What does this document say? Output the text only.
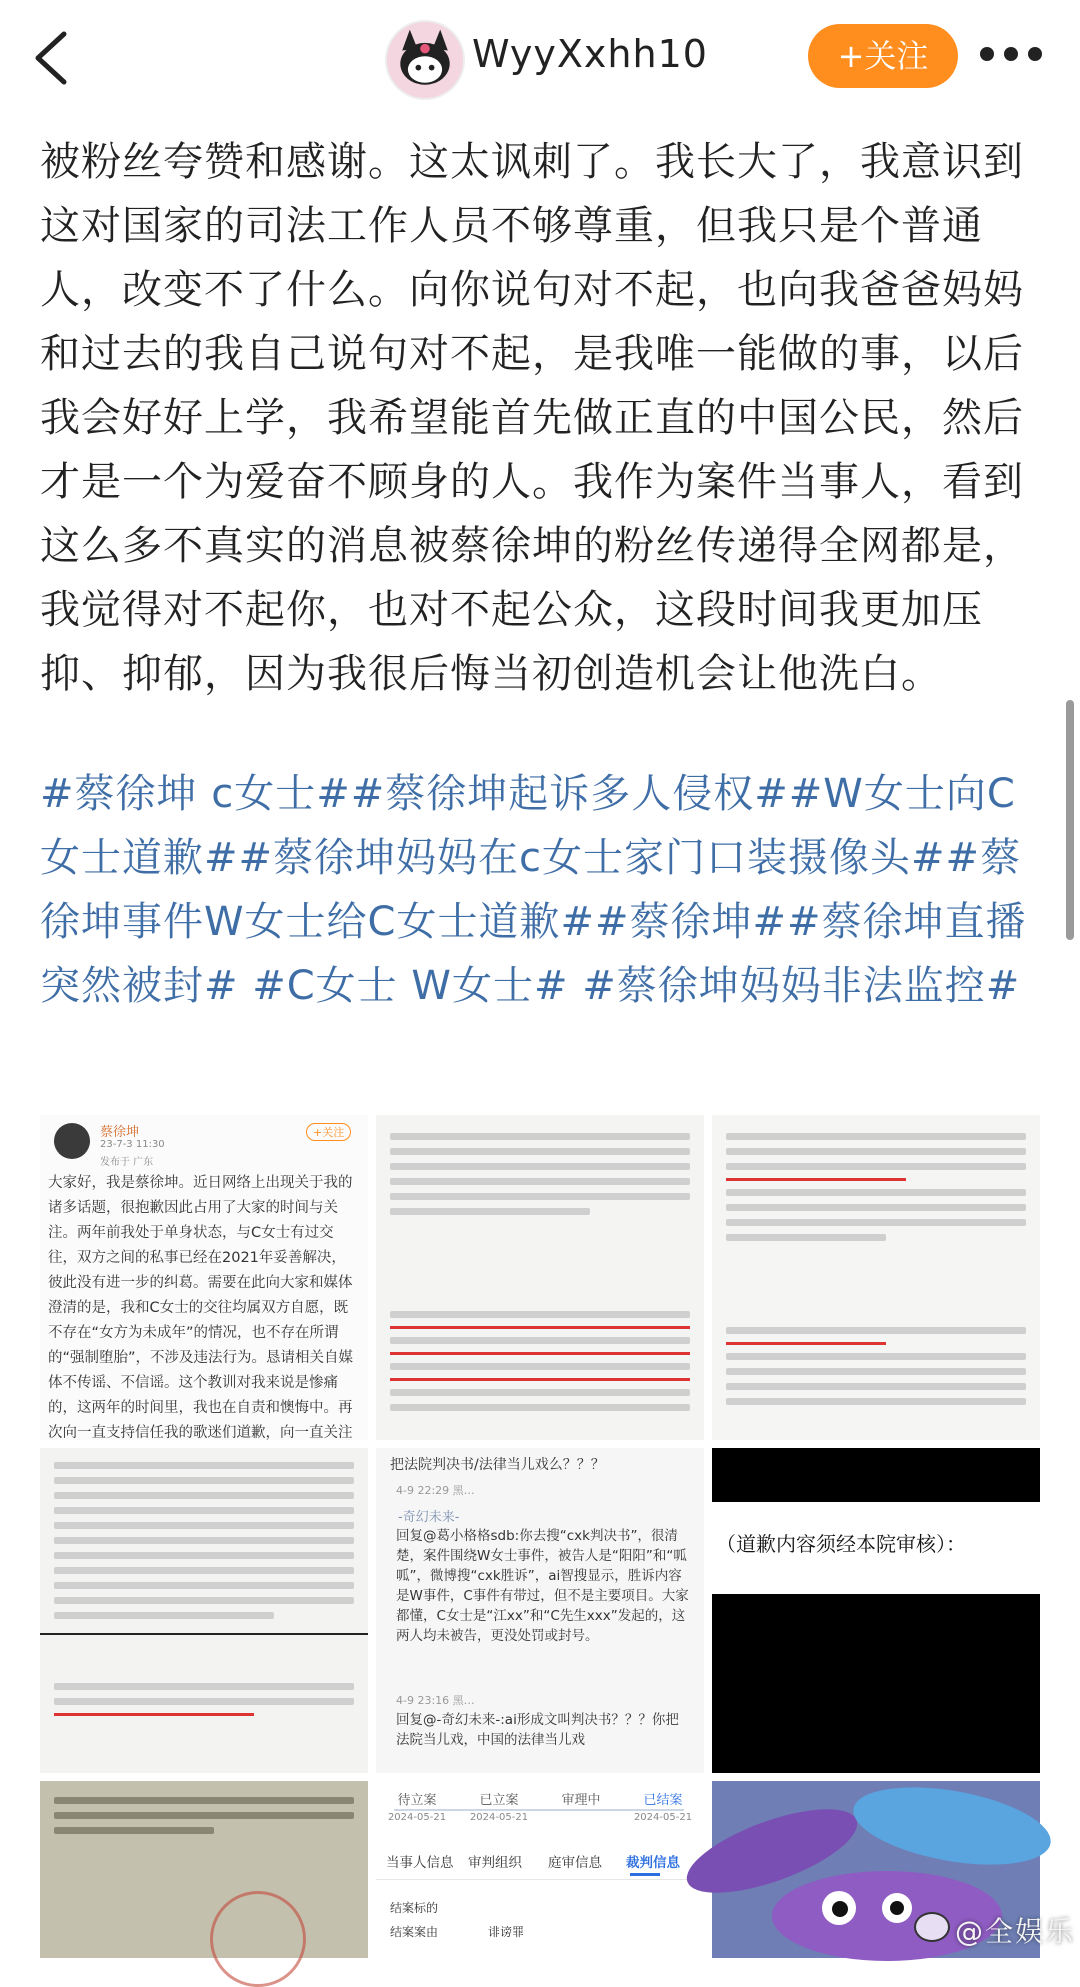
WyyXxhh10	+关注
被粉丝夸赞和感谢。这太讽刺了。我长大了，我意识到这对国家的司法工作人员不够尊重，但我只是个普通人，改变不了什么。向你说句对不起，也向我爸爸妈妈和过去的我自己说句对不起，是我唯一能做的事，以后我会好好上学，我希望能首先做正直的中国公民，然后才是一个为爱奋不顾身的人。我作为案件当事人，看到这么多不真实的消息被蔡徐坤的粉丝传递得全网都是，我觉得对不起你，也对不起公众，这段时间我更加压抑、抑郁，因为我很后悔当初创造机会让他洗白。
#蔡徐坤 c女士##蔡徐坤起诉多人侵权##W女士向C女士道歉##蔡徐坤妈妈在c女士家门口装摄像头##蔡徐坤事件W女士给C女士道歉##蔡徐坤##蔡徐坤直播突然被封# #C女士 W女士# #蔡徐坤妈妈非法监控#
蔡徐坤
23-7-3 11:30
发布于 广东
+关注
大家好，我是蔡徐坤。近日网络上出现关于我的诸多话题，很抱歉因此占用了大家的时间与关注。两年前我处于单身状态，与C女士有过交往，双方之间的私事已经在2021年妥善解决，彼此没有进一步的纠葛。需要在此向大家和媒体澄清的是，我和C女士的交往均属双方自愿，既不存在“女方为未成年”的情况，也不存在所谓的“强制堕胎”，不涉及违法行为。恳请相关自媒体不传谣、不信谣。这个教训对我来说是惨痛的，这两年的时间里，我也在自责和懊悔中。再次向一直支持信任我的歌迷们道歉，向一直关注
把法院判决书/法律当儿戏么？？？
4-9 22:29 黑…
-奇幻未来-
回复@葛小格格sdb:你去搜“cxk判决书”，很清楚，案件围绕W女士事件，被告人是“阳阳”和“呱呱”，微博搜“cxk胜诉”，ai智搜显示，胜诉内容是W事件，C事件有带过，但不是主要项目。大家都懂，C女士是“江xx”和“C先生xxx”发起的，这两人均未被告，更没处罚或封号。
4-9 23:16 黑…
回复@-奇幻未来-:ai形成文叫判决书？？？你把法院当儿戏，中国的法律当儿戏
（道歉内容须经本院审核）：
待立案
2024-05-21
已立案
2024-05-21
审理中	已结案
2024-05-21
当事人信息 审判组织 庭审信息 裁判信息
结案标的
结案案由	诽谤罪	@全娱乐
